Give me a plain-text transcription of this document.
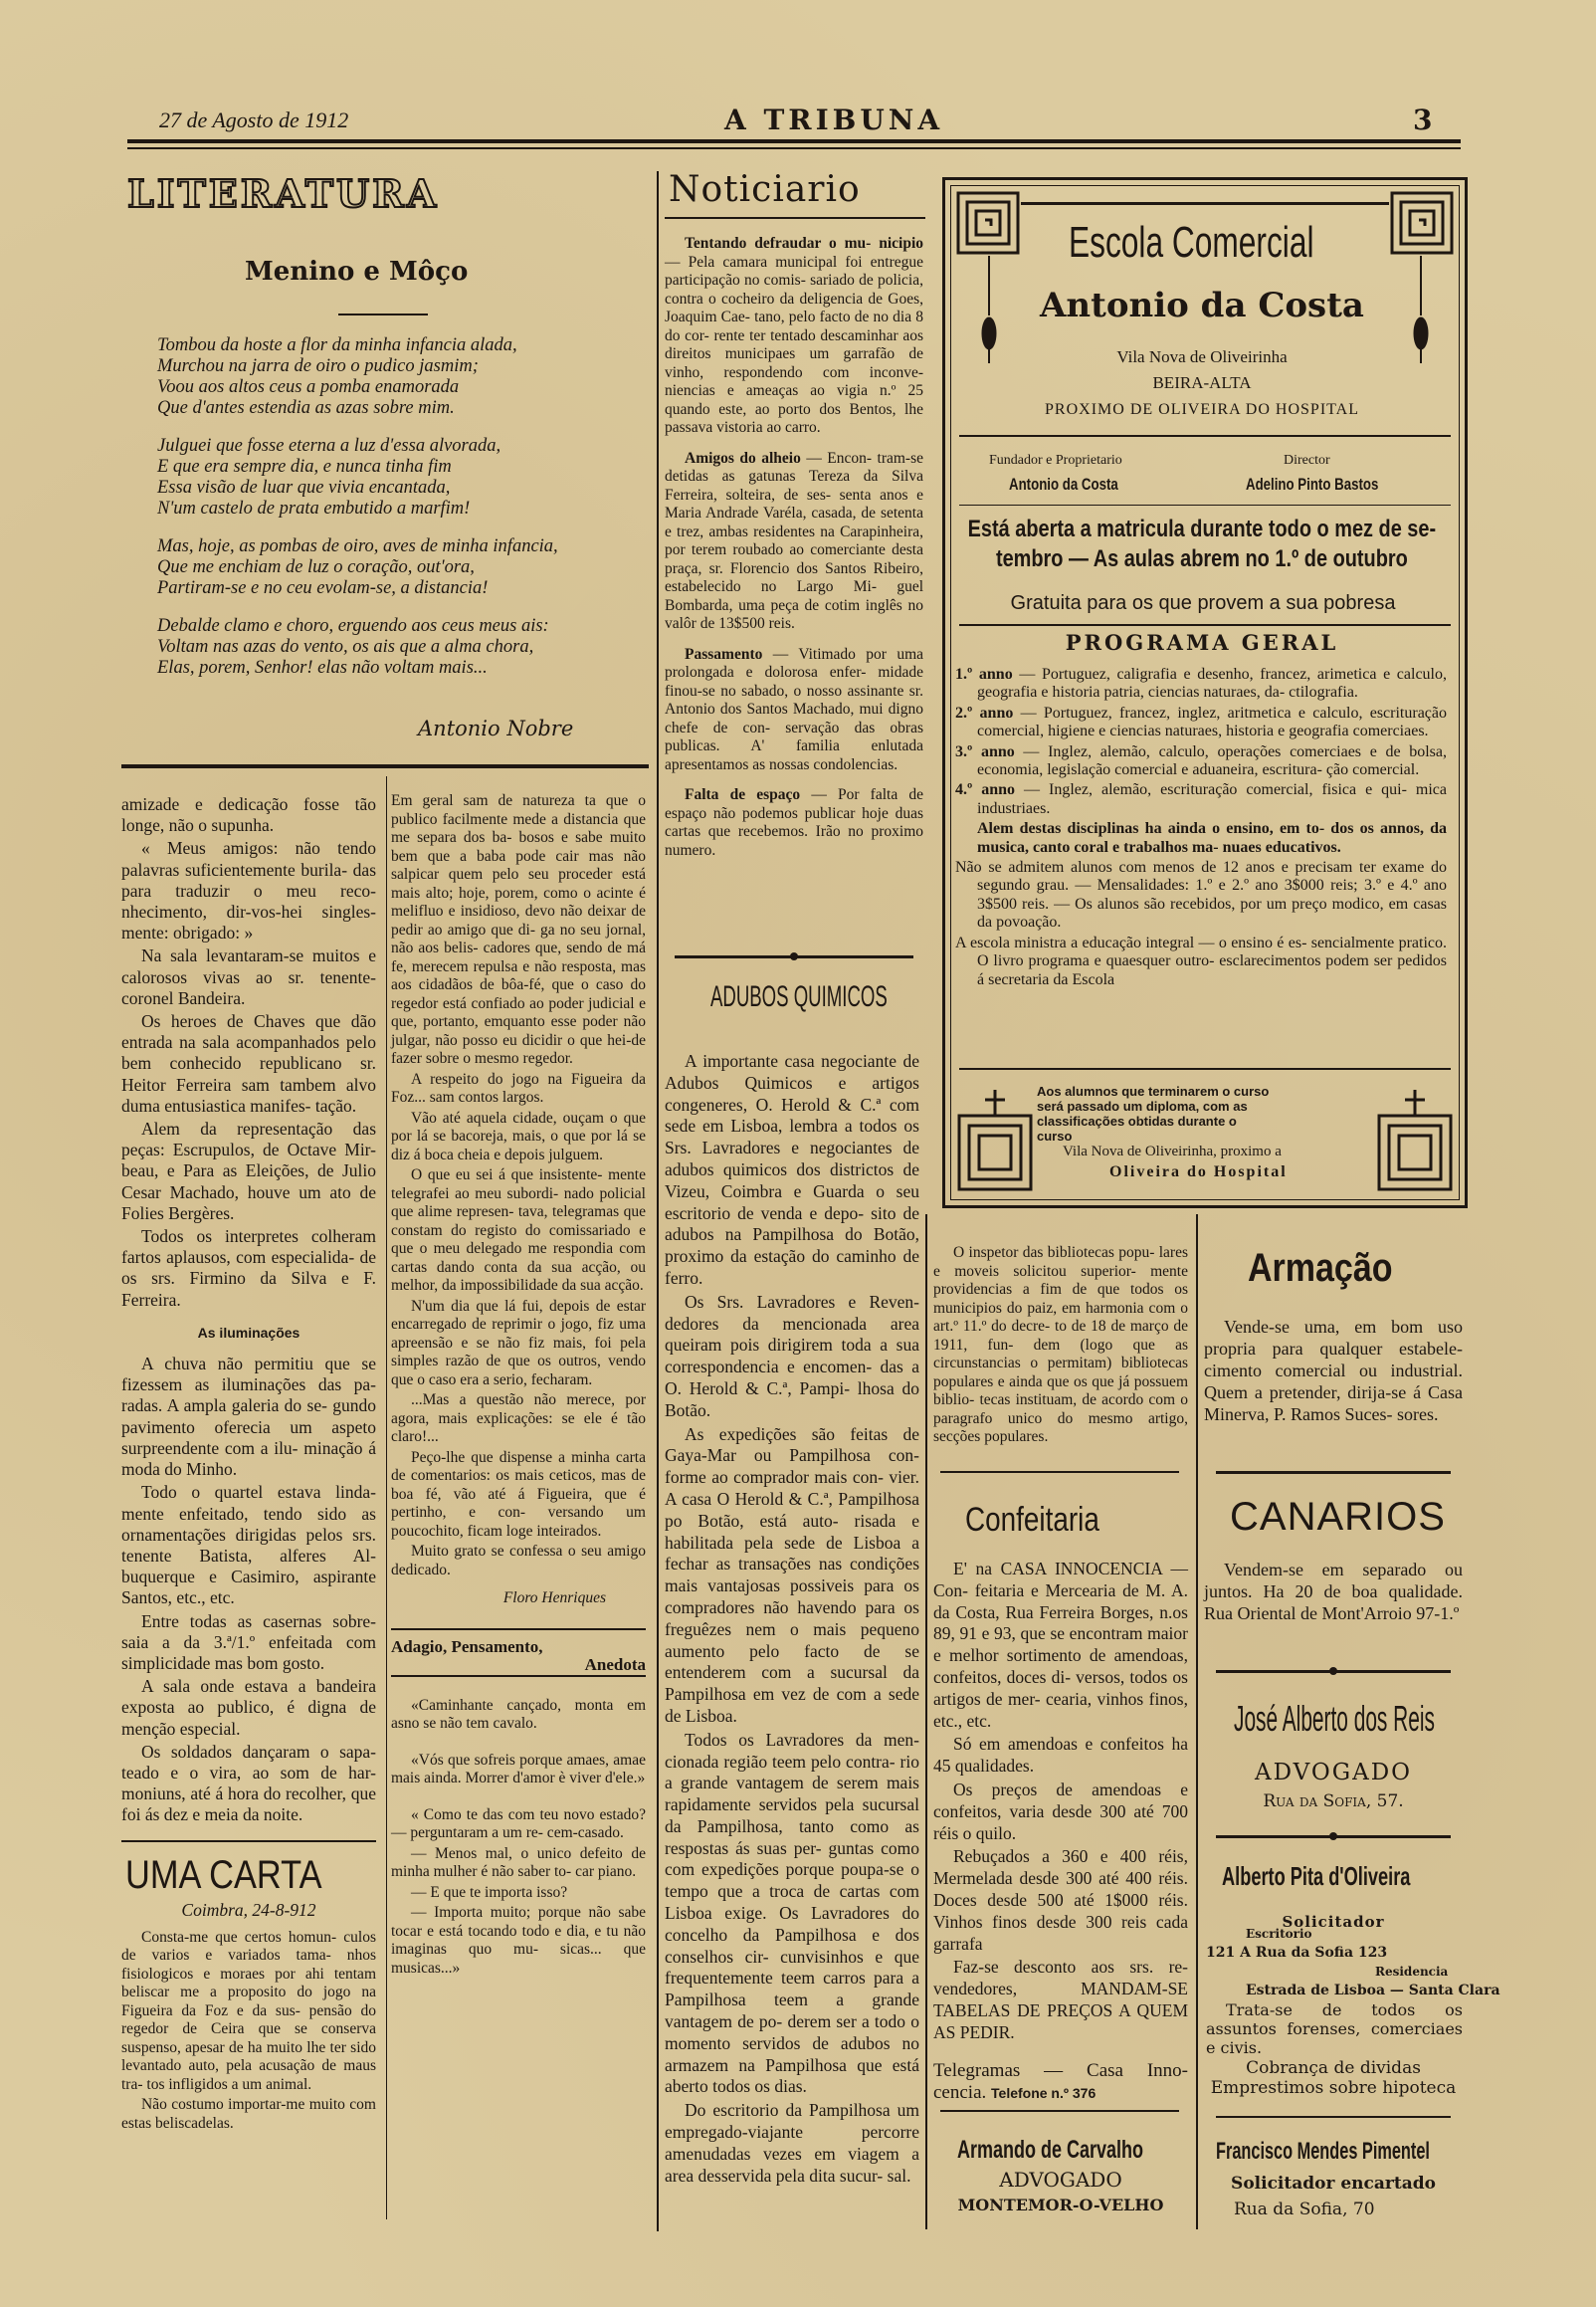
27 de Agosto de 1912	A TRIBUNA	3
LITERATURA
Menino e Môço
Tombou da hoste a flor da minha infancia alada,
Murchou na jarra de oiro o pudico jasmim;
Voou aos altos ceus a pomba enamorada
Que d'antes estendia as azas sobre mim.
Julguei que fosse eterna a luz d'essa alvorada,
E que era sempre dia, e nunca tinha fim
Essa visão de luar que vivia encantada,
N'um castelo de prata embutido a marfim!
Mas, hoje, as pombas de oiro, aves de minha infancia,
Que me enchiam de luz o coração, out'ora,
Partiram-se e no ceu evolam-se, a distancia!
Debalde clamo e choro, erguendo aos ceus meus ais:
Voltam nas azas do vento, os ais que a alma chora,
Elas, porem, Senhor! elas não voltam mais...
Antonio Nobre

amizade e dedicação fosse tão longe, não o supunha.

« Meus amigos: não tendo palavras suficientemente burila- das para traduzir o meu reco- nhecimento, dir-vos-hei singles- mente: obrigado: »

Na sala levantaram-se muitos e calorosos vivas ao sr. tenente- coronel Bandeira.

Os heroes de Chaves que dão entrada na sala acompanhados pelo bem conhecido republicano sr. Heitor Ferreira sam tambem alvo duma entusiastica manifes- tação.

Alem da representação das peças: Escrupulos, de Octave Mir- beau, e Para as Eleições, de Julio Cesar Machado, houve um ato de Folies Bergères.

Todos os interpretes colheram fartos aplausos, com especialida- de os srs. Firmino da Silva e F. Ferreira.

As iluminações

A chuva não permitiu que se fizessem as iluminações das pa- radas. A ampla galeria do se- gundo pavimento oferecia um aspeto surpreendente com a ilu- minação á moda do Minho.

Todo o quartel estava linda- mente enfeitado, tendo sido as ornamentações dirigidas pelos srs. tenente Batista, alferes Al- buquerque e Casimiro, aspirante Santos, etc., etc.

Entre todas as casernas sobre- saia a da 3.ª/1.º enfeitada com simplicidade mas bom gosto.

A sala onde estava a bandeira exposta ao publico, é digna de menção especial.

Os soldados dançaram o sapa- teado e o vira, ao som de har- moniuns, até á hora do recolher, que foi ás dez e meia da noite.

UMA CARTA
Coimbra, 24-8-912

Consta-me que certos homun- culos de varios e variados tama- nhos fisiologicos e moraes por ahi tentam beliscar me a proposito do jogo na Figueira da Foz e da sus- pensão do regedor de Ceira que se conserva suspenso, apesar de ha muito lhe ter sido levantado auto, pela acusação de maus tra- tos infligidos a um animal.

Não costumo importar-me muito com estas beliscadelas.

Em geral sam de natureza ta que o publico facilmente mede a distancia que me separa dos ba- bosos e sabe muito bem que a baba pode cair mas não salpicar quem pelo seu proceder está mais alto; hoje, porem, como o acinte é melifluo e insidioso, devo não deixar de pedir ao amigo que di- ga no seu jornal, não aos belis- cadores que, sendo de má fe, merecem repulsa e não resposta, mas aos cidadãos de bôa-fé, que o caso do regedor está confiado ao poder judicial e que, portanto, emquanto esse poder não julgar, não posso eu dicidir o que hei-de fazer sobre o mesmo regedor.

A respeito do jogo na Figueira da Foz... sam contos largos.

Vão até aquela cidade, ouçam o que por lá se bacoreja, mais, o que por lá se diz á boca cheia e depois julguem.

O que eu sei á que insistente- mente telegrafei ao meu subordi- nado policial que alime represen- tava, telegramas que constam do registo do comissariado e que o meu delegado me respondia com cartas dando conta da sua acção, ou melhor, da impossibilidade da sua acção.

N'um dia que lá fui, depois de estar encarregado de reprimir o jogo, fiz uma apreensão e se não fiz mais, foi pela simples razão de que os outros, vendo que o caso era a serio, fecharam.

...Mas a questão não merece, por agora, mais explicações: se ele é tão claro!...

Peço-lhe que dispense a minha carta de comentarios: os mais ceticos, mas de boa fé, vão até á Figueira, que é pertinho, e con- versando um poucochito, ficam loge inteirados.

Muito grato se confessa o seu amigo dedicado.

Floro Henriques
Adagio, Pensamento,
Anedota

«Caminhante cançado, monta em asno se não tem cavalo.

«Vós que sofreis porque amaes, amae mais ainda. Morrer d'amor è viver d'ele.»

« Como te das com teu novo estado? — perguntaram a um re- cem-casado.

— Menos mal, o unico defeito de minha mulher é não saber to- car piano.

— E que te importa isso?

— Importa muito; porque não sabe tocar e está tocando todo e dia, e tu não imaginas quo mu- sicas... que musicas...»

Noticiario

Tentando defraudar o mu- nicipio — Pela camara municipal foi entregue participação no comis- sariado de policia, contra o cocheiro da deligencia de Goes, Joaquim Cae- tano, pelo facto de no dia 8 do cor- rente ter tentado descaminhar aos direitos municipaes um garrafão de vinho, respondendo com inconve- niencias e ameaças ao vigia n.º 25 quando este, ao porto dos Bentos, lhe passava vistoria ao carro.

Amigos do alheio — Encon- tram-se detidas as gatunas Tereza da Silva Ferreira, solteira, de ses- senta anos e Maria Andrade Varéla, casada, de setenta e trez, ambas residentes na Carapinheira, por terem roubado ao comerciante desta praça, sr. Florencio dos Santos Ribeiro, estabelecido no Largo Mi- guel Bombarda, uma peça de cotim inglês no valôr de 13$500 reis.

Passamento — Vitimado por uma prolongada e dolorosa enfer- midade finou-se no sabado, o nosso assinante sr. Antonio dos Santos Machado, mui digno chefe de con- servação das obras publicas. A' familia enlutada apresentamos as nossas condolencias.

Falta de espaço — Por falta de espaço não podemos publicar hoje duas cartas que recebemos. Irão no proximo numero.

ADUBOS QUIMICOS

A importante casa negociante de Adubos Quimicos e artigos congeneres, O. Herold & C.ª com sede em Lisboa, lembra a todos os Srs. Lavradores e negociantes de adubos quimicos dos districtos de Vizeu, Coimbra e Guarda o seu escritorio de venda e depo- sito de adubos na Pampilhosa do Botão, proximo da estação do caminho de ferro.

Os Srs. Lavradores e Reven- dedores da mencionada area queiram pois dirigirem toda a sua correspondencia e encomen- das a O. Herold & C.ª, Pampi- lhosa do Botão.

As expedições são feitas de Gaya-Mar ou Pampilhosa con- forme ao comprador mais con- vier. A casa O Herold & C.ª, Pampilhosa po Botão, está auto- risada e habilitada pela sede de Lisboa a fechar as transações nas condições mais vantajosas possiveis para os compradores não havendo para os freguêzes nem o mais pequeno aumento pelo facto de se entenderem com a sucursal da Pampilhosa em vez de com a sede de Lisboa.

Todos os Lavradores da men- cionada região teem pelo contra- rio a grande vantagem de serem mais rapidamente servidos pela sucursal da Pampilhosa, tanto como as respostas ás suas per- guntas como com expedições porque poupa-se o tempo que a troca de cartas com Lisboa exige. Os Lavradores do concelho da Pampilhosa e dos conselhos cir- cunvisinhos e que frequentemente teem carros para a Pampilhosa teem a grande vantagem de po- derem ser a todo o momento servidos de adubos no armazem na Pampilhosa que está aberto todos os dias.

Do escritorio da Pampilhosa um empregado-viajante percorre amenudadas vezes em viagem a area desservida pela dita sucur- sal.

Escola Comercial
Antonio da Costa
Vila Nova de Oliveirinha
BEIRA-ALTA
PROXIMO DE OLIVEIRA DO HOSPITAL
Fundador e Proprietario
Antonio da Costa
Director
Adelino Pinto Bastos
Está aberta a matricula durante todo o mez de se- tembro — As aulas abrem no 1.º de outubro
Gratuita para os que provem a sua pobresa
PROGRAMA GERAL

1.º anno — Portuguez, caligrafia e desenho, francez, arimetica e calculo, geografia e historia patria, ciencias naturaes, da- ctilografia.

2.º anno — Portuguez, francez, inglez, aritmetica e calculo, escrituração comercial, higiene e ciencias naturaes, historia e geografia comerciaes.

3.º anno — Inglez, alemão, calculo, operações comerciaes e de bolsa, economia, legislação comercial e aduaneira, escritura- ção comercial.

4.º anno — Inglez, alemão, escrituração comercial, fisica e qui- mica industriaes.

Alem destas disciplinas ha ainda o ensino, em to- dos os annos, da musica, canto coral e trabalhos ma- nuaes educativos.

Não se admitem alunos com menos de 12 anos e precisam ter exame do segundo grau. — Mensalidades: 1.º e 2.º ano 3$000 reis; 3.º e 4.º ano 3$500 reis. — Os alunos são recebidos, por um preço modico, em casas da povoação.

A escola ministra a educação integral — o ensino é es- sencialmente pratico. O livro programa e quaesquer outro- esclarecimentos podem ser pedidos á secretaria da Escola

Aos alumnos que terminarem o curso será passado um diploma, com as classificações obtidas durante o curso
Vila Nova de Oliveirinha, proximo a
Oliveira do Hospital

O inspetor das bibliotecas popu- lares e moveis solicitou superior- mente providencias a fim de que todos os municipios do paiz, em harmonia com o art.º 11.º do decre- to de 18 de março de 1911, fun- dem (logo que as circunstancias o permitam) bibliotecas populares e ainda que os que já possuem biblio- tecas instituam, de acordo com o paragrafo unico do mesmo artigo, secções populares.

Confeitaria

E' na CASA INNOCENCIA — Con- feitaria e Mercearia de M. A. da Costa, Rua Ferreira Borges, n.os 89, 91 e 93, que se encontram maior e melhor sortimento de amendoas, confeitos, doces di- versos, todos os artigos de mer- cearia, vinhos finos, etc., etc.

Só em amendoas e confeitos ha 45 qualidades.

Os preços de amendoas e confeitos, varia desde 300 até 700 réis o quilo.

Rebuçados a 360 e 400 réis, Mermelada desde 300 até 400 réis. Doces desde 500 até 1$000 réis. Vinhos finos desde 300 reis cada garrafa

Faz-se desconto aos srs. re- vendedores, MANDAM-SE TABELAS DE PREÇOS A QUEM AS PEDIR.

Telegramas — Casa Inno- cencia. Telefone n.º 376
Armando de Carvalho
ADVOGADO
MONTEMOR-O-VELHO
Armação

Vende-se uma, em bom uso propria para qualquer estabele- cimento comercial ou industrial. Quem a pretender, dirija-se á Casa Minerva, P. Ramos Suces- sores.

CANARIOS

Vendem-se em separado ou juntos. Ha 20 de boa qualidade. Rua Oriental de Mont'Arroio 97-1.º

José Alberto dos Reis
ADVOGADO
Rua da Sofia, 57.
Alberto Pita d'Oliveira
Solicitador
Escritorio
121 A Rua da Sofia 123
Residencia
Estrada de Lisboa — Santa Clara
Trata-se de todos os assuntos forenses, comerciaes e civis.
Cobrança de dividas
Emprestimos sobre hipoteca
Francisco Mendes Pimentel
Solicitador encartado
Rua da Sofia, 70
